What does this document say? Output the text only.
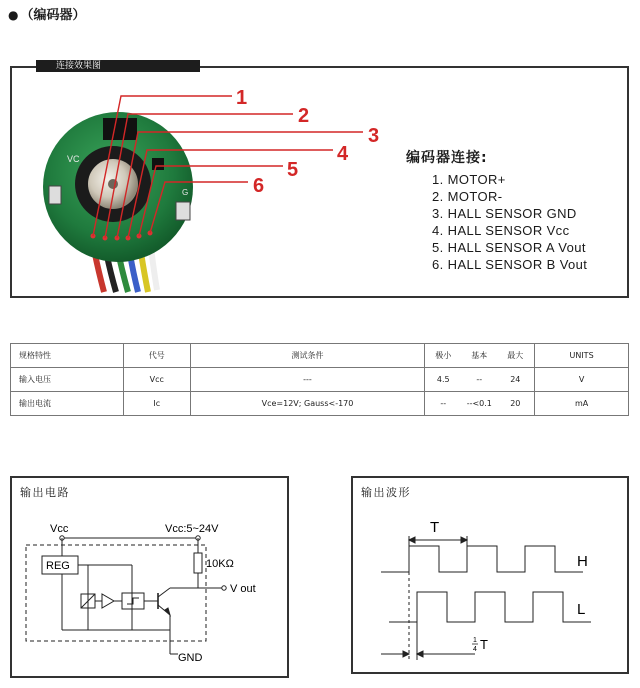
● （编码器）
连接效果图
VC
G
1
2
3
4
5
6
编码器连接:
1. MOTOR+
2. MOTOR-
3. HALL SENSOR GND
4. HALL SENSOR Vcc
5. HALL SENSOR A Vout
6. HALL SENSOR B Vout
规格特性	代号	测试条件	极小 基本 最大	UNITS
输入电压	Vcc	---	4.5 -- 24	V
输出电流	Ic	Vce=12V; Gauss<-170	-- --<0.1 20	mA
输出电路
Vcc	Vcc:5~24V
REG	10KΩ
V out
GND
输出波形
T
H
L
1
4 T
